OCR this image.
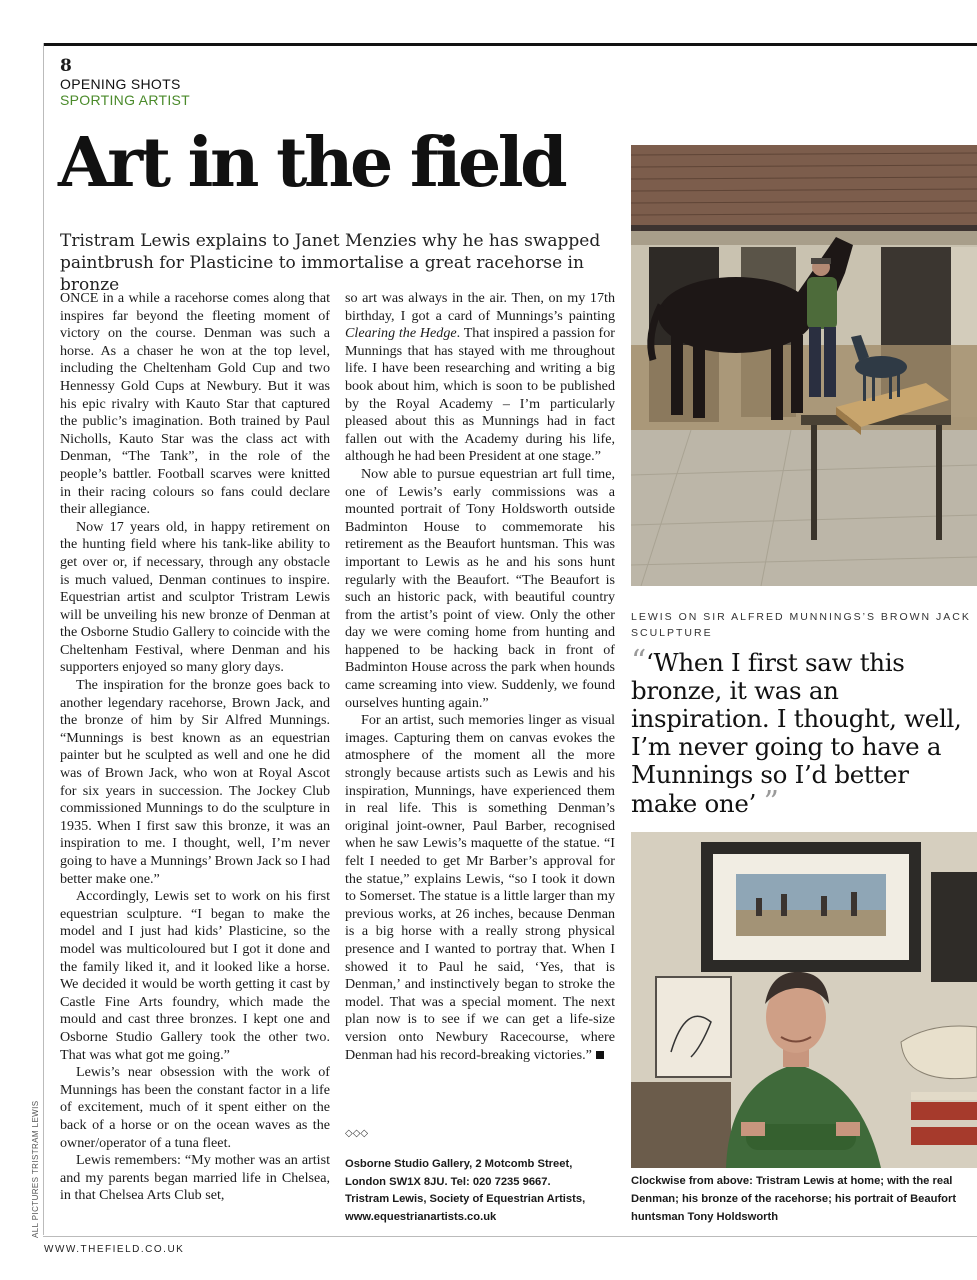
8
OPENING SHOTS
SPORTING ARTIST
Art in the field

Tristram Lewis explains to Janet Menzies why he has swapped paintbrush for Plasticine to immortalise a great racehorse in bronze

ONCE in a while a racehorse comes along that inspires far beyond the fleeting moment of victory on the course. Denman was such a horse. As a chaser he won at the top level, including the Cheltenham Gold Cup and two Hennessy Gold Cups at Newbury. But it was his epic rivalry with Kauto Star that captured the public’s imagination. Both trained by Paul Nicholls, Kauto Star was the class act with Denman, “The Tank”, in the role of the people’s battler. Football scarves were knitted in their racing colours so fans could declare their allegiance.

Now 17 years old, in happy retirement on the hunting field where his tank-like ability to get over or, if necessary, through any obstacle is much valued, Denman continues to inspire. Equestrian artist and sculptor Tristram Lewis will be unveiling his new bronze of Denman at the Osborne Studio Gallery to coincide with the Cheltenham Festival, where Denman and his supporters enjoyed so many glory days.

The inspiration for the bronze goes back to another legendary racehorse, Brown Jack, and the bronze of him by Sir Alfred Munnings. “Munnings is best known as an equestrian painter but he sculpted as well and one he did was of Brown Jack, who won at Royal Ascot for six years in succession. The Jockey Club commissioned Munnings to do the sculpture in 1935. When I first saw this bronze, it was an inspiration to me. I thought, well, I’m never going to have a Munnings’ Brown Jack so I had better make one.”

Accordingly, Lewis set to work on his first equestrian sculpture. “I began to make the model and I just had kids’ Plasticine, so the model was multicoloured but I got it done and the family liked it, and it looked like a horse. We decided it would be worth getting it cast by Castle Fine Arts foundry, which made the mould and cast three bronzes. I kept one and Osborne Studio Gallery took the other two. That was what got me going.”

Lewis’s near obsession with the work of Munnings has been the constant factor in a life of excitement, much of it spent either on the back of a horse or on the ocean waves as the owner/operator of a tuna fleet.

Lewis remembers: “My mother was an artist and my parents began married life in Chelsea, in that Chelsea Arts Club set,

so art was always in the air. Then, on my 17th birthday, I got a card of Munnings’s painting Clearing the Hedge. That inspired a passion for Munnings that has stayed with me throughout life. I have been researching and writing a big book about him, which is soon to be published by the Royal Academy – I’m particularly pleased about this as Munnings had in fact fallen out with the Academy during his life, although he had been President at one stage.”

Now able to pursue equestrian art full time, one of Lewis’s early commissions was a mounted portrait of Tony Holdsworth outside Badminton House to commemorate his retirement as the Beaufort huntsman. This was important to Lewis as he and his sons hunt regularly with the Beaufort. “The Beaufort is such an historic pack, with beautiful country from the artist’s point of view. Only the other day we were coming home from hunting and happened to be hacking back in front of Badminton House across the park when hounds came screaming into view. Suddenly, we found ourselves hunting again.”

For an artist, such memories linger as visual images. Capturing them on canvas evokes the atmosphere of the moment all the more strongly because artists such as Lewis and his inspiration, Munnings, have experienced them in real life. This is something Denman’s original joint-owner, Paul Barber, recognised when he saw Lewis’s maquette of the statue. “I felt I needed to get Mr Barber’s approval for the statue,” explains Lewis, “so I took it down to Somerset. The statue is a little larger than my previous works, at 26 inches, because Denman is a big horse with a really strong physical presence and I wanted to portray that. When I showed it to Paul he said, ‘Yes, that is Denman,’ and instinctively began to stroke the model. That was a special moment. The next plan now is to see if we can get a life-size version onto Newbury Racecourse, where Denman had his record-breaking victories.”

◇◇◇
Osborne Studio Gallery, 2 Motcomb Street,
London SW1X 8JU. Tel: 020 7235 9667.
Tristram Lewis, Society of Equestrian Artists,
www.equestrianartists.co.uk
LEWIS ON SIR ALFRED MUNNINGS’S BROWN JACK SCULPTURE
“‘When I first saw this bronze, it was an inspiration. I thought, well, I’m never going to have a Munnings so I’d better make one’ ”
Clockwise from above: Tristram Lewis at home; with the real Denman; his bronze of the racehorse; his portrait of Beaufort huntsman Tony Holdsworth
ALL PICTURES TRISTRAM LEWIS
WWW.THEFIELD.CO.UK
